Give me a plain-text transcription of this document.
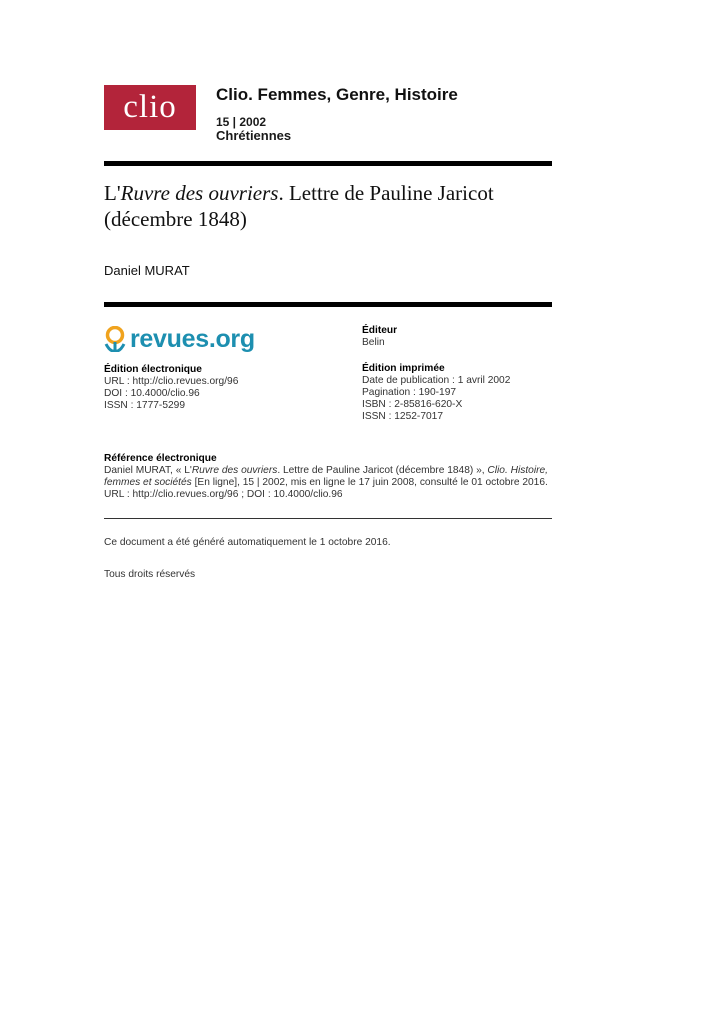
clio	Clio. Femmes, Genre, Histoire
15 | 2002
Chrétiennes
L'Ruvre des ouvriers. Lettre de Pauline Jaricot (décembre 1848)
Daniel MURAT
revues.org	Éditeur
Belin
Édition électronique
URL : http://clio.revues.org/96
DOI : 10.4000/clio.96
ISSN : 1777-5299
Édition imprimée
Date de publication : 1 avril 2002
Pagination : 190-197
ISBN : 2-85816-620-X
ISSN : 1252-7017
Référence électronique
Daniel MURAT, « L'Ruvre des ouvriers. Lettre de Pauline Jaricot (décembre 1848) », Clio. Histoire, femmes et sociétés [En ligne], 15 | 2002, mis en ligne le 17 juin 2008, consulté le 01 octobre 2016.
URL : http://clio.revues.org/96 ; DOI : 10.4000/clio.96
Ce document a été généré automatiquement le 1 octobre 2016.
Tous droits réservés
